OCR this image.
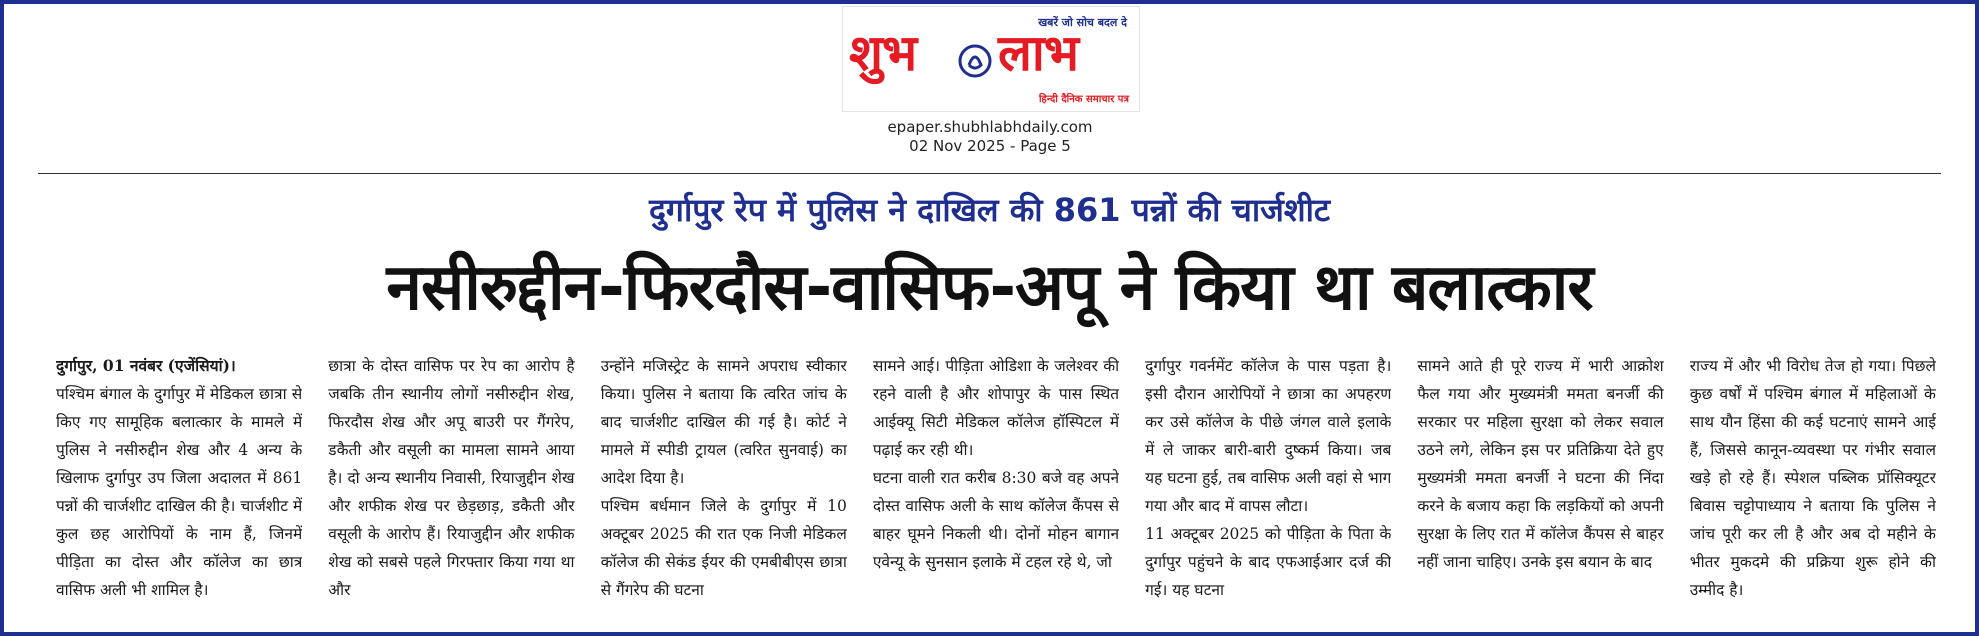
खबरें जो सोच बदल दे
शुभ लाभ
हिन्दी दैनिक समाचार पत्र
epaper.shubhlabhdaily.com
02 Nov 2025 - Page 5
दुर्गापुर रेप में पुलिस ने दाखिल की 861 पन्नों की चार्जशीट
नसीरुद्दीन-फिरदौस-वासिफ-अपू ने किया था बलात्कार

दुर्गापुर, 01 नवंबर (एजेंसियां)।

पश्चिम बंगाल के दुर्गापुर में मेडिकल छात्रा से किए गए सामूहिक बलात्कार के मामले में पुलिस ने नसीरुद्दीन शेख और 4 अन्य के खिलाफ दुर्गापुर उप जिला अदालत में 861 पन्नों की चार्जशीट दाखिल की है। चार्जशीट में कुल छह आरोपियों के नाम हैं, जिनमें पीड़िता का दोस्त और कॉलेज का छात्र वासिफ अली भी शामिल है।

छात्रा के दोस्त वासिफ पर रेप का आरोप है जबकि तीन स्थानीय लोगों नसीरुद्दीन शेख, फिरदौस शेख और अपू बाउरी पर गैंगरेप, डकैती और वसूली का मामला सामने आया है। दो अन्य स्थानीय निवासी, रियाजुद्दीन शेख और शफीक शेख पर छेड़छाड़, डकैती और वसूली के आरोप हैं। रियाजुद्दीन और शफीक शेख को सबसे पहले गिरफ्तार किया गया था और

उन्होंने मजिस्ट्रेट के सामने अपराध स्वीकार किया। पुलिस ने बताया कि त्वरित जांच के बाद चार्जशीट दाखिल की गई है। कोर्ट ने मामले में स्पीडी ट्रायल (त्वरित सुनवाई) का आदेश दिया है।
पश्चिम बर्धमान जिले के दुर्गापुर में 10 अक्टूबर 2025 की रात एक निजी मेडिकल कॉलेज की सेकंड ईयर की एमबीबीएस छात्रा से गैंगरेप की घटना

सामने आई। पीड़िता ओडिशा के जलेश्वर की रहने वाली है और शोपापुर के पास स्थित आईक्यू सिटी मेडिकल कॉलेज हॉस्पिटल में पढ़ाई कर रही थी।
घटना वाली रात करीब 8:30 बजे वह अपने दोस्त वासिफ अली के साथ कॉलेज कैंपस से बाहर घूमने निकली थी। दोनों मोहन बागान एवेन्यू के सुनसान इलाके में टहल रहे थे, जो

दुर्गापुर गवर्नमेंट कॉलेज के पास पड़ता है। इसी दौरान आरोपियों ने छात्रा का अपहरण कर उसे कॉलेज के पीछे जंगल वाले इलाके में ले जाकर बारी-बारी दुष्कर्म किया। जब यह घटना हुई, तब वासिफ अली वहां से भाग गया और बाद में वापस लौटा।
11 अक्टूबर 2025 को पीड़िता के पिता के दुर्गापुर पहुंचने के बाद एफआईआर दर्ज की गई। यह घटना

सामने आते ही पूरे राज्य में भारी आक्रोश फैल गया और मुख्यमंत्री ममता बनर्जी की सरकार पर महिला सुरक्षा को लेकर सवाल उठने लगे, लेकिन इस पर प्रतिक्रिया देते हुए मुख्यमंत्री ममता बनर्जी ने घटना की निंदा करने के बजाय कहा कि लड़कियों को अपनी सुरक्षा के लिए रात में कॉलेज कैंपस से बाहर नहीं जाना चाहिए। उनके इस बयान के बाद

राज्य में और भी विरोध तेज हो गया। पिछले कुछ वर्षों में पश्चिम बंगाल में महिलाओं के साथ यौन हिंसा की कई घटनाएं सामने आई हैं, जिससे कानून-व्यवस्था पर गंभीर सवाल खड़े हो रहे हैं। स्पेशल पब्लिक प्रॉसिक्यूटर बिवास चट्टोपाध्याय ने बताया कि पुलिस ने जांच पूरी कर ली है और अब दो महीने के भीतर मुकदमे की प्रक्रिया शुरू होने की उम्मीद है।
